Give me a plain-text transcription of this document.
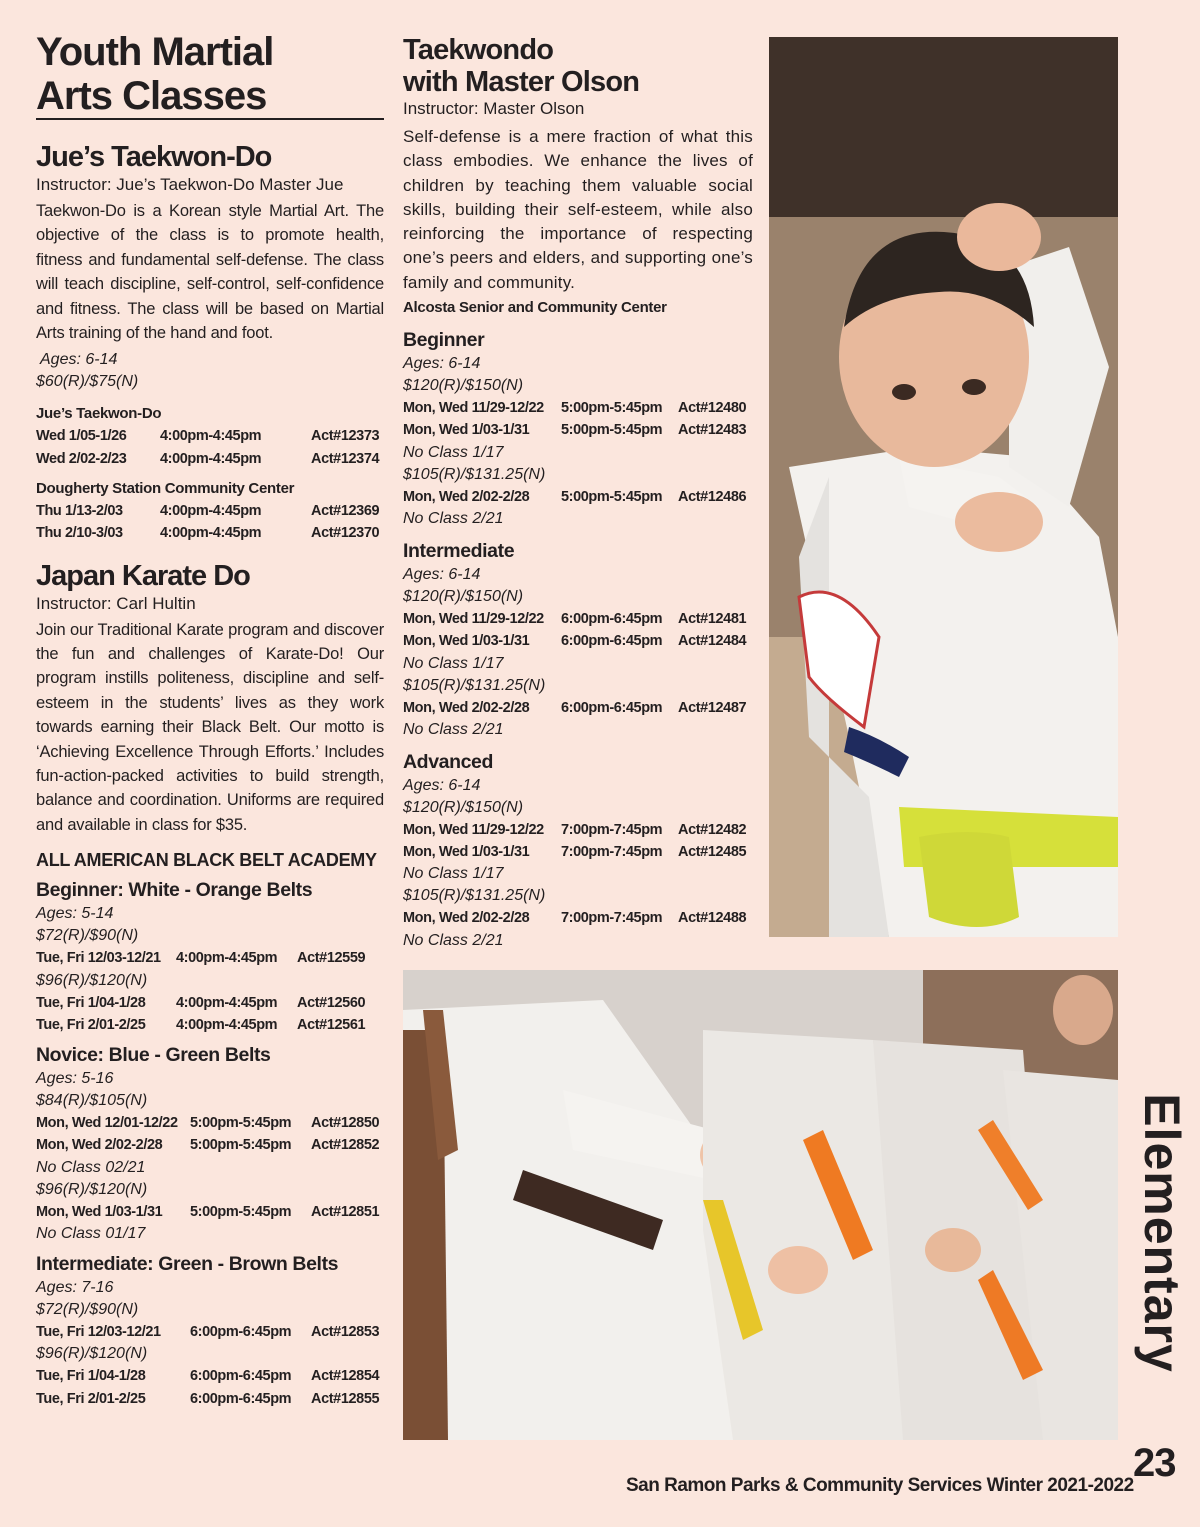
Youth Martial
Arts Classes
Jue’s Taekwon-Do

Instructor: Jue’s Taekwon-Do Master Jue

Taekwon-Do is a Korean style Martial Art. The objective of the class is to promote health, fitness and fundamental self-defense. The class will teach discipline, self-control, self-confidence and fitness. The class will be based on Martial Arts training of the hand and foot.

Ages: 6-14

$60(R)/$75(N)

Jue’s Taekwon-Do

Wed 1/05-1/26	4:00pm-4:45pm	Act#12373
Wed 2/02-2/23	4:00pm-4:45pm	Act#12374

Dougherty Station Community Center

Thu 1/13-2/03	4:00pm-4:45pm	Act#12369
Thu 2/10-3/03	4:00pm-4:45pm	Act#12370
Japan Karate Do

Instructor: Carl Hultin

Join our Traditional Karate program and discover the fun and challenges of Karate-Do! Our program instills politeness, discipline and self-esteem in the students’ lives as they work towards earning their Black Belt. Our motto is ‘Achieving Excellence Through Efforts.’ Includes fun-action-packed activities to build strength, balance and coordination. Uniforms are required and available in class for $35.

ALL AMERICAN BLACK BELT ACADEMY

Beginner: White - Orange Belts

Ages: 5-14

$72(R)/$90(N)

Tue, Fri 12/03-12/21	4:00pm-4:45pm	Act#12559

$96(R)/$120(N)

Tue, Fri 1/04-1/28	4:00pm-4:45pm	Act#12560
Tue, Fri 2/01-2/25	4:00pm-4:45pm	Act#12561

Novice: Blue - Green Belts

Ages: 5-16

$84(R)/$105(N)

Mon, Wed 12/01-12/22 5:00pm-5:45pm	Act#12850
Mon, Wed 2/02-2/28	5:00pm-5:45pm	Act#12852

No Class 02/21

$96(R)/$120(N)

Mon, Wed 1/03-1/31	5:00pm-5:45pm	Act#12851

No Class 01/17

Intermediate: Green - Brown Belts

Ages: 7-16

$72(R)/$90(N)

Tue, Fri 12/03-12/21	6:00pm-6:45pm	Act#12853

$96(R)/$120(N)

Tue, Fri 1/04-1/28	6:00pm-6:45pm	Act#12854
Tue, Fri 2/01-2/25	6:00pm-6:45pm	Act#12855
Taekwondo
with Master Olson

Instructor: Master Olson

Self-defense is a mere fraction of what this class embodies. We enhance the lives of children by teaching them valuable social skills, building their self-esteem, while also reinforcing the importance of respecting one’s peers and elders, and supporting one’s family and community.

Alcosta Senior and Community Center

Beginner

Ages: 6-14

$120(R)/$150(N)

Mon, Wed 11/29-12/22	5:00pm-5:45pm	Act#12480
Mon, Wed 1/03-1/31	5:00pm-5:45pm	Act#12483

No Class 1/17

$105(R)/$131.25(N)

Mon, Wed 2/02-2/28	5:00pm-5:45pm	Act#12486

No Class 2/21

Intermediate

Ages: 6-14

$120(R)/$150(N)

Mon, Wed 11/29-12/22	6:00pm-6:45pm	Act#12481
Mon, Wed 1/03-1/31	6:00pm-6:45pm	Act#12484

No Class 1/17

$105(R)/$131.25(N)

Mon, Wed 2/02-2/28	6:00pm-6:45pm	Act#12487

No Class 2/21

Advanced

Ages: 6-14

$120(R)/$150(N)

Mon, Wed 11/29-12/22	7:00pm-7:45pm	Act#12482
Mon, Wed 1/03-1/31	7:00pm-7:45pm	Act#12485

No Class 1/17

$105(R)/$131.25(N)

Mon, Wed 2/02-2/28	7:00pm-7:45pm	Act#12488

No Class 2/21

Elementary
23
San Ramon Parks & Community Services Winter 2021-2022
